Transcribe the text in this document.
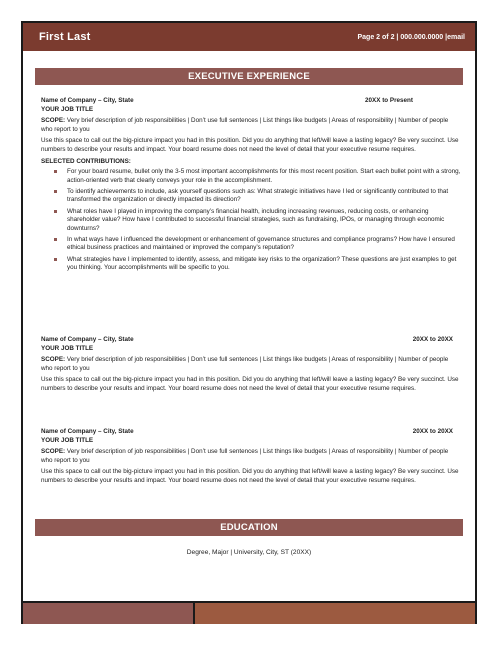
First Last	Page 2 of 2 | 000.000.0000 |email
EXECUTIVE EXPERIENCE
Name of Company – City, State	20XX to Present
YOUR JOB TITLE
SCOPE: Very brief description of job responsibilities | Don’t use full sentences | List things like budgets | Areas of responsibility | Number of people who report to you
Use this space to call out the big-picture impact you had in this position. Did you do anything that left/will leave a lasting legacy? Be very succinct. Use numbers to describe your results and impact. Your board resume does not need the level of detail that your executive resume requires.
SELECTED CONTRIBUTIONS:
For your board resume, bullet only the 3-5 most important accomplishments for this most recent position. Start each bullet point with a strong, action-oriented verb that clearly conveys your role in the accomplishment.
To identify achievements to include, ask yourself questions such as: What strategic initiatives have I led or significantly contributed to that transformed the organization or directly impacted its direction?
What roles have I played in improving the company’s financial health, including increasing revenues, reducing costs, or enhancing shareholder value? How have I contributed to successful financial strategies, such as fundraising, IPOs, or managing through economic downturns?
In what ways have I influenced the development or enhancement of governance structures and compliance programs? How have I ensured ethical business practices and maintained or improved the company’s reputation?
What strategies have I implemented to identify, assess, and mitigate key risks to the organization? These questions are just examples to get you thinking. Your accomplishments will be specific to you.
Name of Company – City, State	20XX to 20XX
YOUR JOB TITLE
SCOPE: Very brief description of job responsibilities | Don’t use full sentences | List things like budgets | Areas of responsibility | Number of people who report to you
Use this space to call out the big-picture impact you had in this position. Did you do anything that left/will leave a lasting legacy? Be very succinct. Use numbers to describe your results and impact. Your board resume does not need the level of detail that your executive resume requires.
Name of Company – City, State	20XX to 20XX
YOUR JOB TITLE
SCOPE: Very brief description of job responsibilities | Don’t use full sentences | List things like budgets | Areas of responsibility | Number of people who report to you
Use this space to call out the big-picture impact you had in this position. Did you do anything that left/will leave a lasting legacy? Be very succinct. Use numbers to describe your results and impact. Your board resume does not need the level of detail that your executive resume requires.
EDUCATION
Degree, Major | University, City, ST (20XX)
